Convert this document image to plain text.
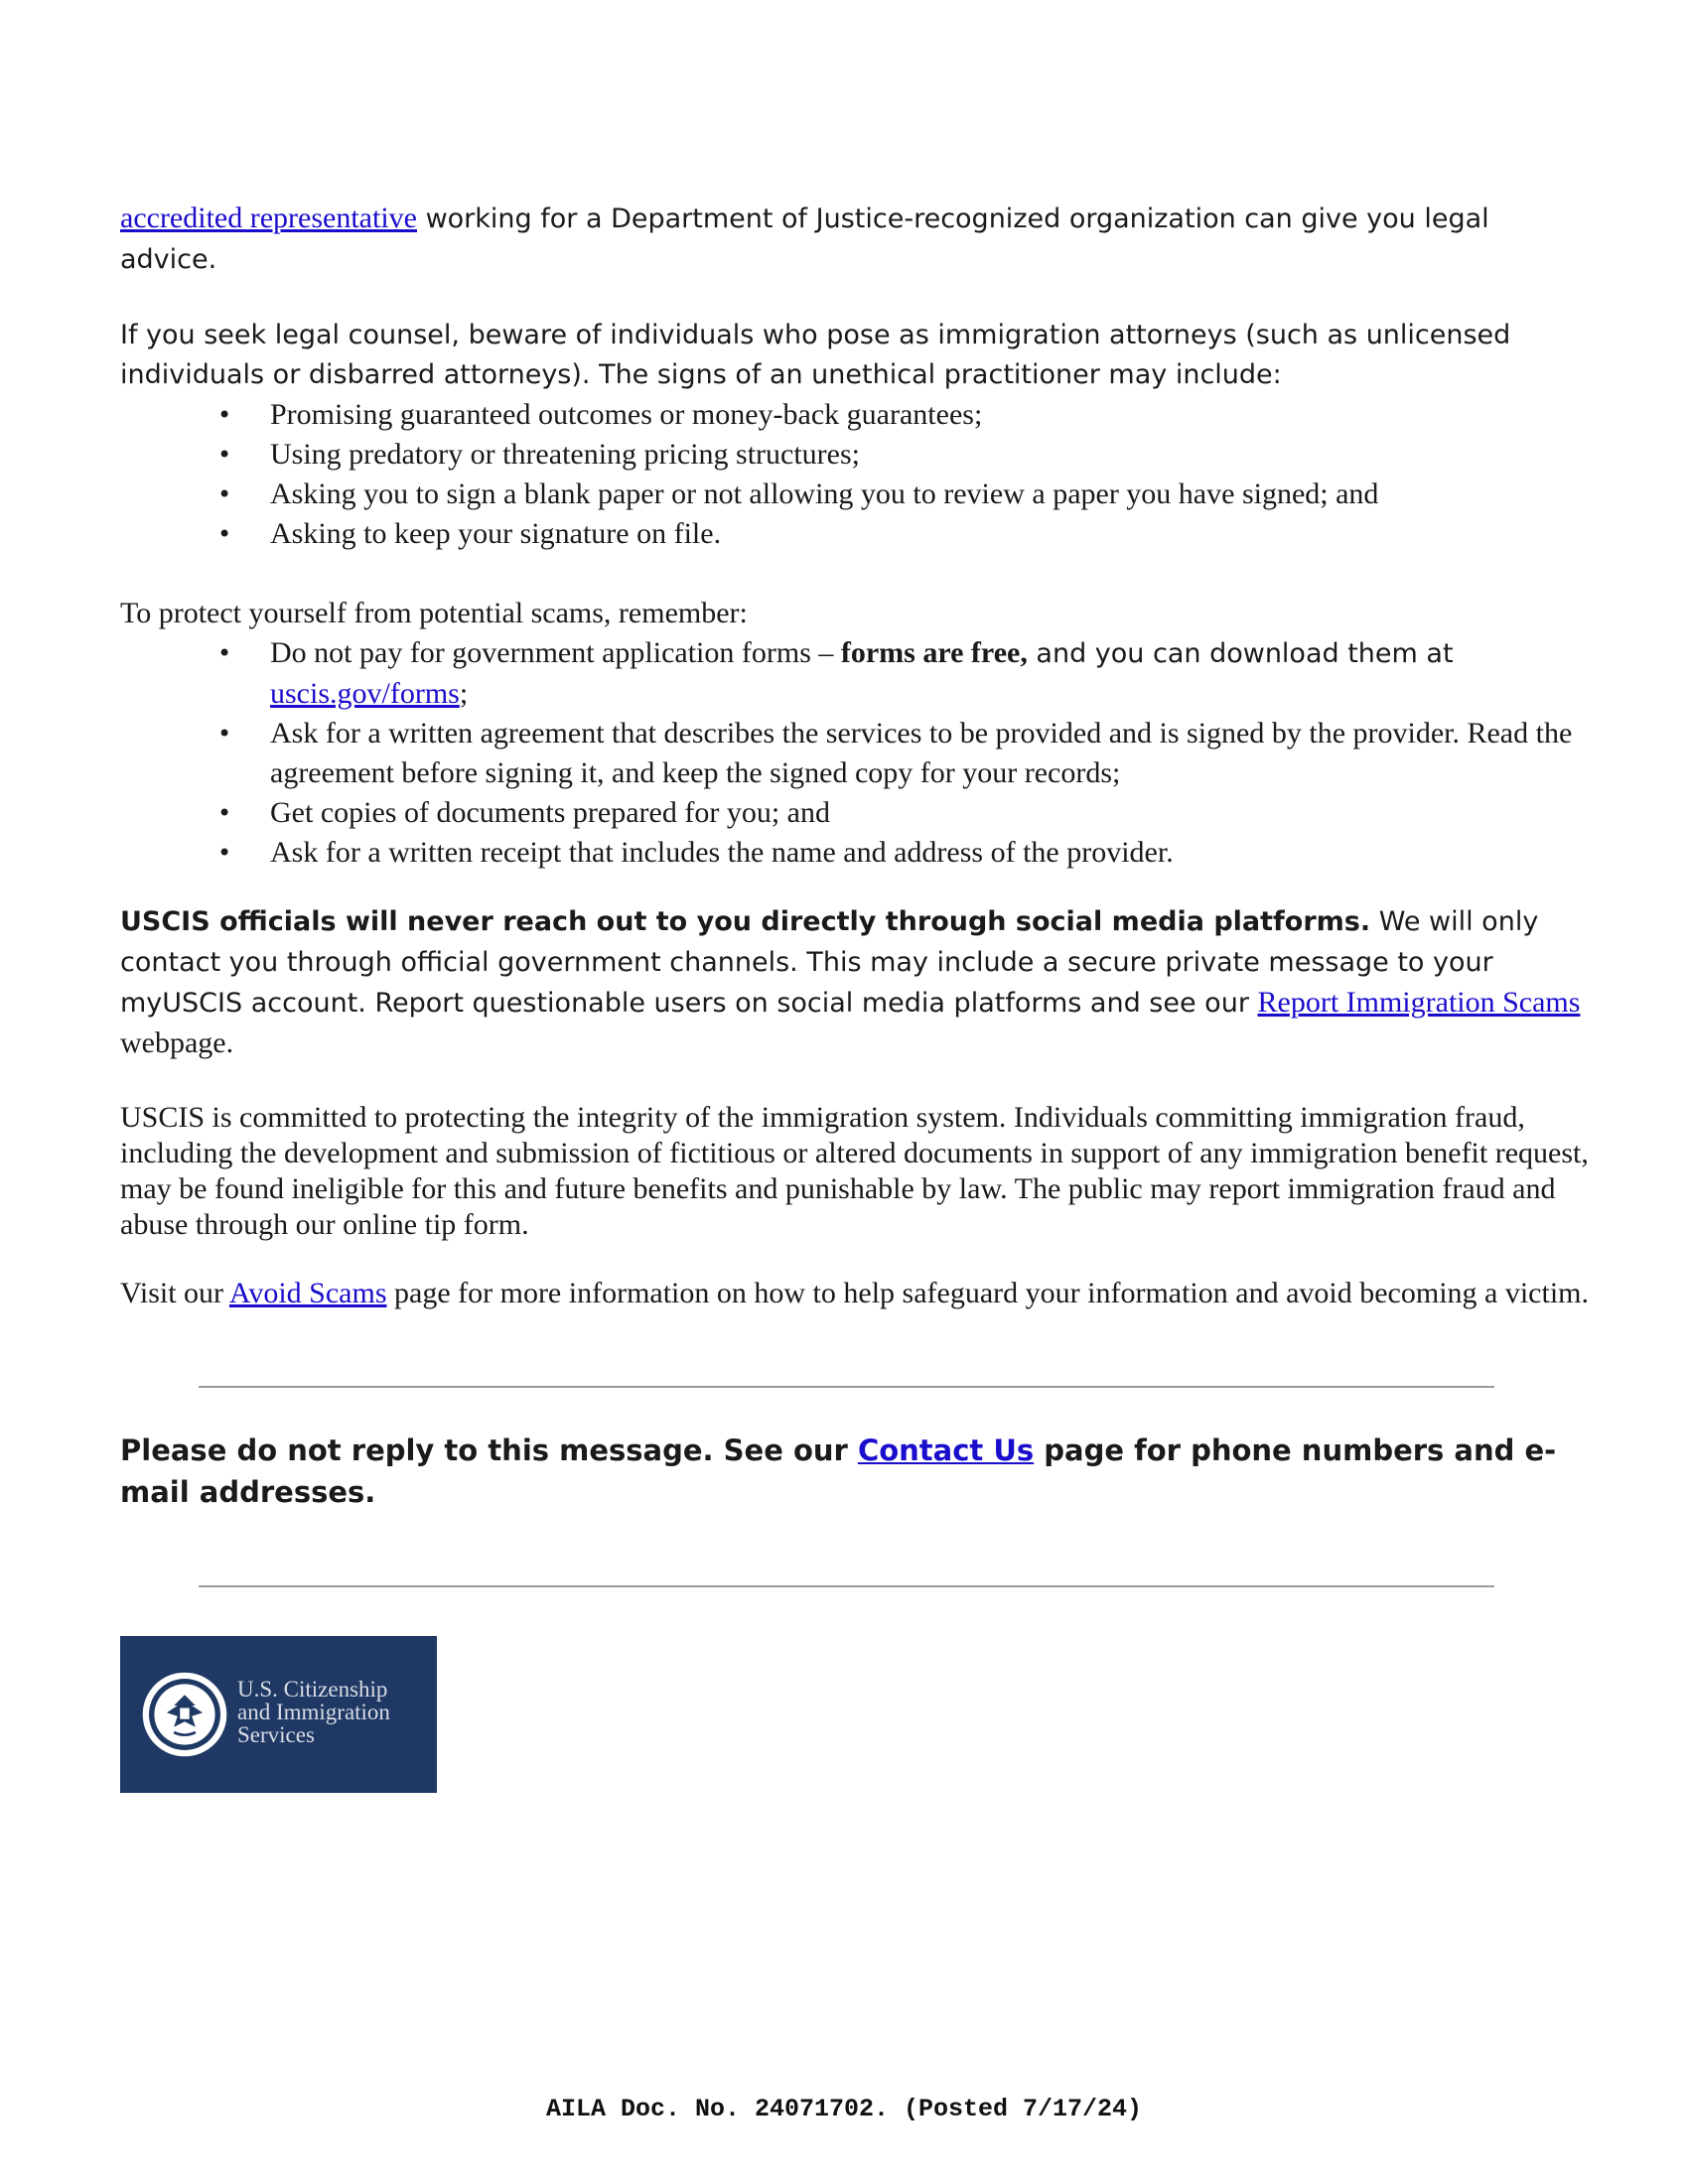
accredited representative working for a Department of Justice-recognized organization can give you legal advice.

If you seek legal counsel, beware of individuals who pose as immigration attorneys (such as unlicensed individuals or disbarred attorneys). The signs of an unethical practitioner may include:

• Promising guaranteed outcomes or money-back guarantees;
• Using predatory or threatening pricing structures;
• Asking you to sign a blank paper or not allowing you to review a paper you have signed; and
• Asking to keep your signature on file.

To protect yourself from potential scams, remember:

• Do not pay for government application forms – forms are free, and you can download them at uscis.gov/forms;
• Ask for a written agreement that describes the services to be provided and is signed by the provider. Read the agreement before signing it, and keep the signed copy for your records;
• Get copies of documents prepared for you; and
• Ask for a written receipt that includes the name and address of the provider.

USCIS officials will never reach out to you directly through social media platforms. We will only contact you through official government channels. This may include a secure private message to your myUSCIS account. Report questionable users on social media platforms and see our Report Immigration Scams webpage.

USCIS is committed to protecting the integrity of the immigration system. Individuals committing immigration fraud, including the development and submission of fictitious or altered documents in support of any immigration benefit request, may be found ineligible for this and future benefits and punishable by law. The public may report immigration fraud and abuse through our online tip form.

Visit our Avoid Scams page for more information on how to help safeguard your information and avoid becoming a victim.

Please do not reply to this message. See our Contact Us page for phone numbers and e-mail addresses.
U.S. Citizenship
and Immigration
Services
AILA Doc. No. 24071702. (Posted 7/17/24)
